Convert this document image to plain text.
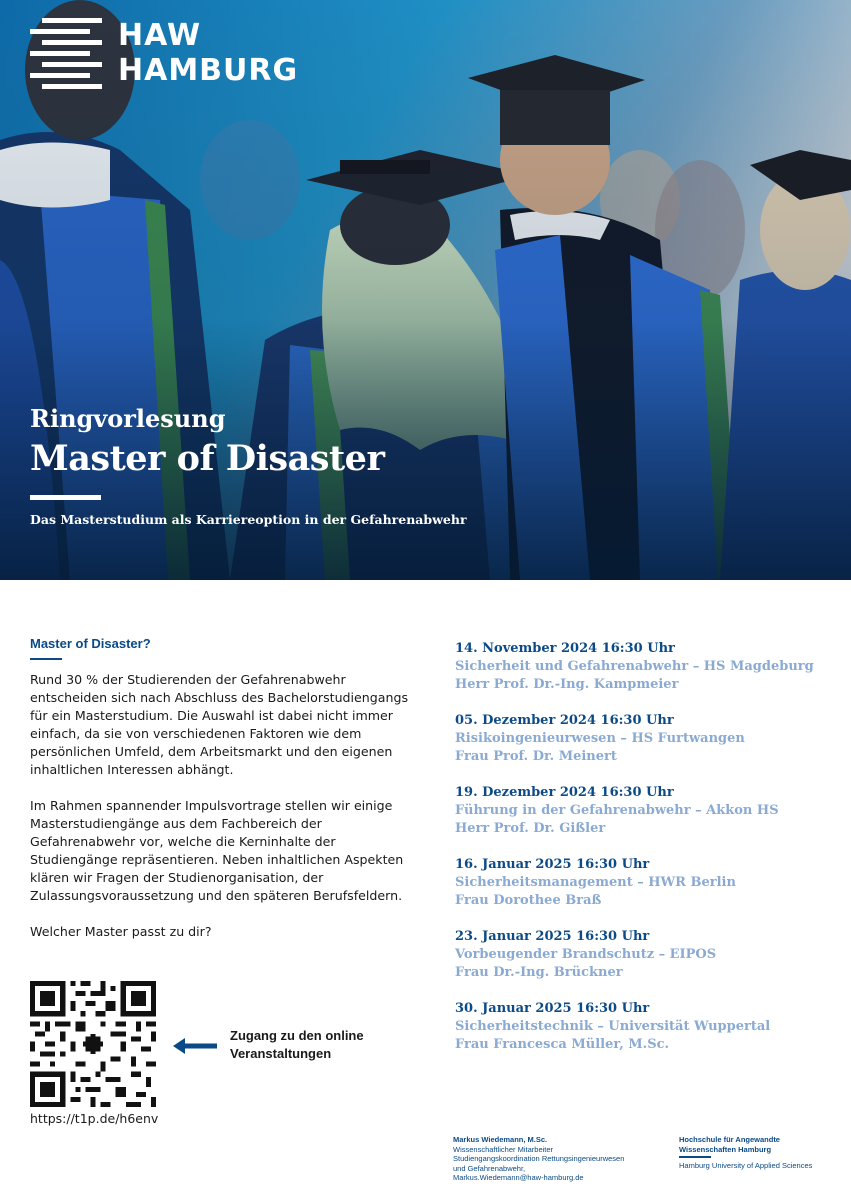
HAW
HAMBURG
Ringvorlesung
Master of Disaster
Das Masterstudium als Karriereoption in der Gefahrenabwehr
Master of Disaster?
Rund 30 % der Studierenden der Gefahrenabwehr entscheiden sich nach Abschluss des Bachelorstudiengangs für ein Masterstudium. Die Auswahl ist dabei nicht immer einfach, da sie von verschiedenen Faktoren wie dem persönlichen Umfeld, dem Arbeitsmarkt und den eigenen inhaltlichen Interessen abhängt.
Im Rahmen spannender Impulsvortrage stellen wir einige Masterstudiengänge aus dem Fachbereich der Gefahrenabwehr vor, welche die Kerninhalte der Studiengänge repräsentieren. Neben inhaltlichen Aspekten klären wir Fragen der Studienorganisation, der Zulassungsvoraussetzung und den späteren Berufsfeldern.
Welcher Master passt zu dir?
Zugang zu den online Veranstaltungen
https://t1p.de/h6env
14. November 2024 16:30 Uhr
Sicherheit und Gefahrenabwehr – HS Magdeburg
Herr Prof. Dr.-Ing. Kampmeier
05. Dezember 2024 16:30 Uhr
Risikoingenieurwesen – HS Furtwangen
Frau Prof. Dr. Meinert
19. Dezember 2024 16:30 Uhr
Führung in der Gefahrenabwehr – Akkon HS
Herr Prof. Dr. Gißler
16. Januar 2025 16:30 Uhr
Sicherheitsmanagement – HWR Berlin
Frau Dorothee Braß
23. Januar 2025 16:30 Uhr
Vorbeugender Brandschutz – EIPOS
Frau Dr.-Ing. Brückner
30. Januar 2025 16:30 Uhr
Sicherheitstechnik – Universität Wuppertal
Frau Francesca Müller, M.Sc.
Markus Wiedemann, M.Sc.
Wissenschaftlicher Mitarbeiter
Studiengangskoordination Rettungsingenieurwesen
und Gefahrenabwehr,
Markus.Wiedemann@haw-hamburg.de
Hochschule für Angewandte
Wissenschaften Hamburg
Hamburg University of Applied Sciences
